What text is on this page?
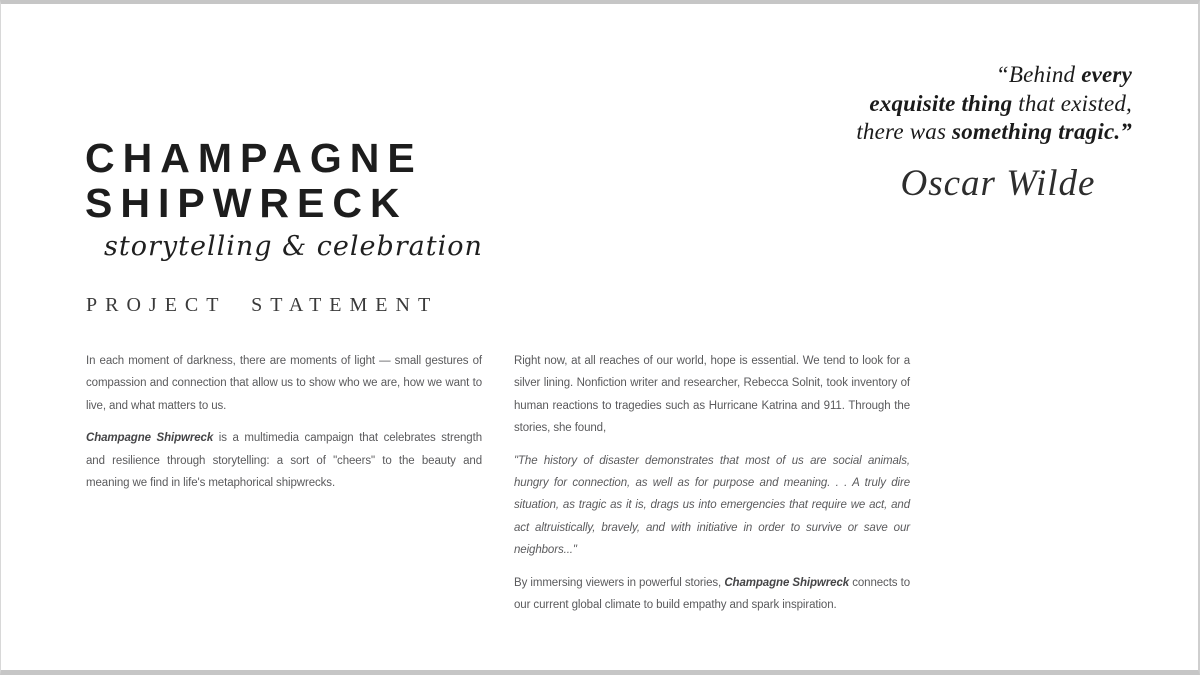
“Behind every
exquisite thing that existed,
there was something tragic.”
Oscar Wilde
CHAMPAGNE
SHIPWRECK
storytelling & celebration
PROJECT STATEMENT

In each moment of darkness, there are moments of light — small gestures of compassion and connection that allow us to show who we are, how we want to live, and what matters to us.

Champagne Shipwreck is a multimedia campaign that celebrates strength and resilience through storytelling: a sort of "cheers" to the beauty and meaning we find in life's metaphorical shipwrecks.

Right now, at all reaches of our world, hope is essential. We tend to look for a silver lining. Nonfiction writer and researcher, Rebecca Solnit, took inventory of human reactions to tragedies such as Hurricane Katrina and 911. Through the stories, she found,

"The history of disaster demonstrates that most of us are social animals, hungry for connection, as well as for purpose and meaning. . . A truly dire situation, as tragic as it is, drags us into emergencies that require we act, and act altruistically, bravely, and with initiative in order to survive or save our neighbors..."

By immersing viewers in powerful stories, Champagne Shipwreck connects to our current global climate to build empathy and spark inspiration.
